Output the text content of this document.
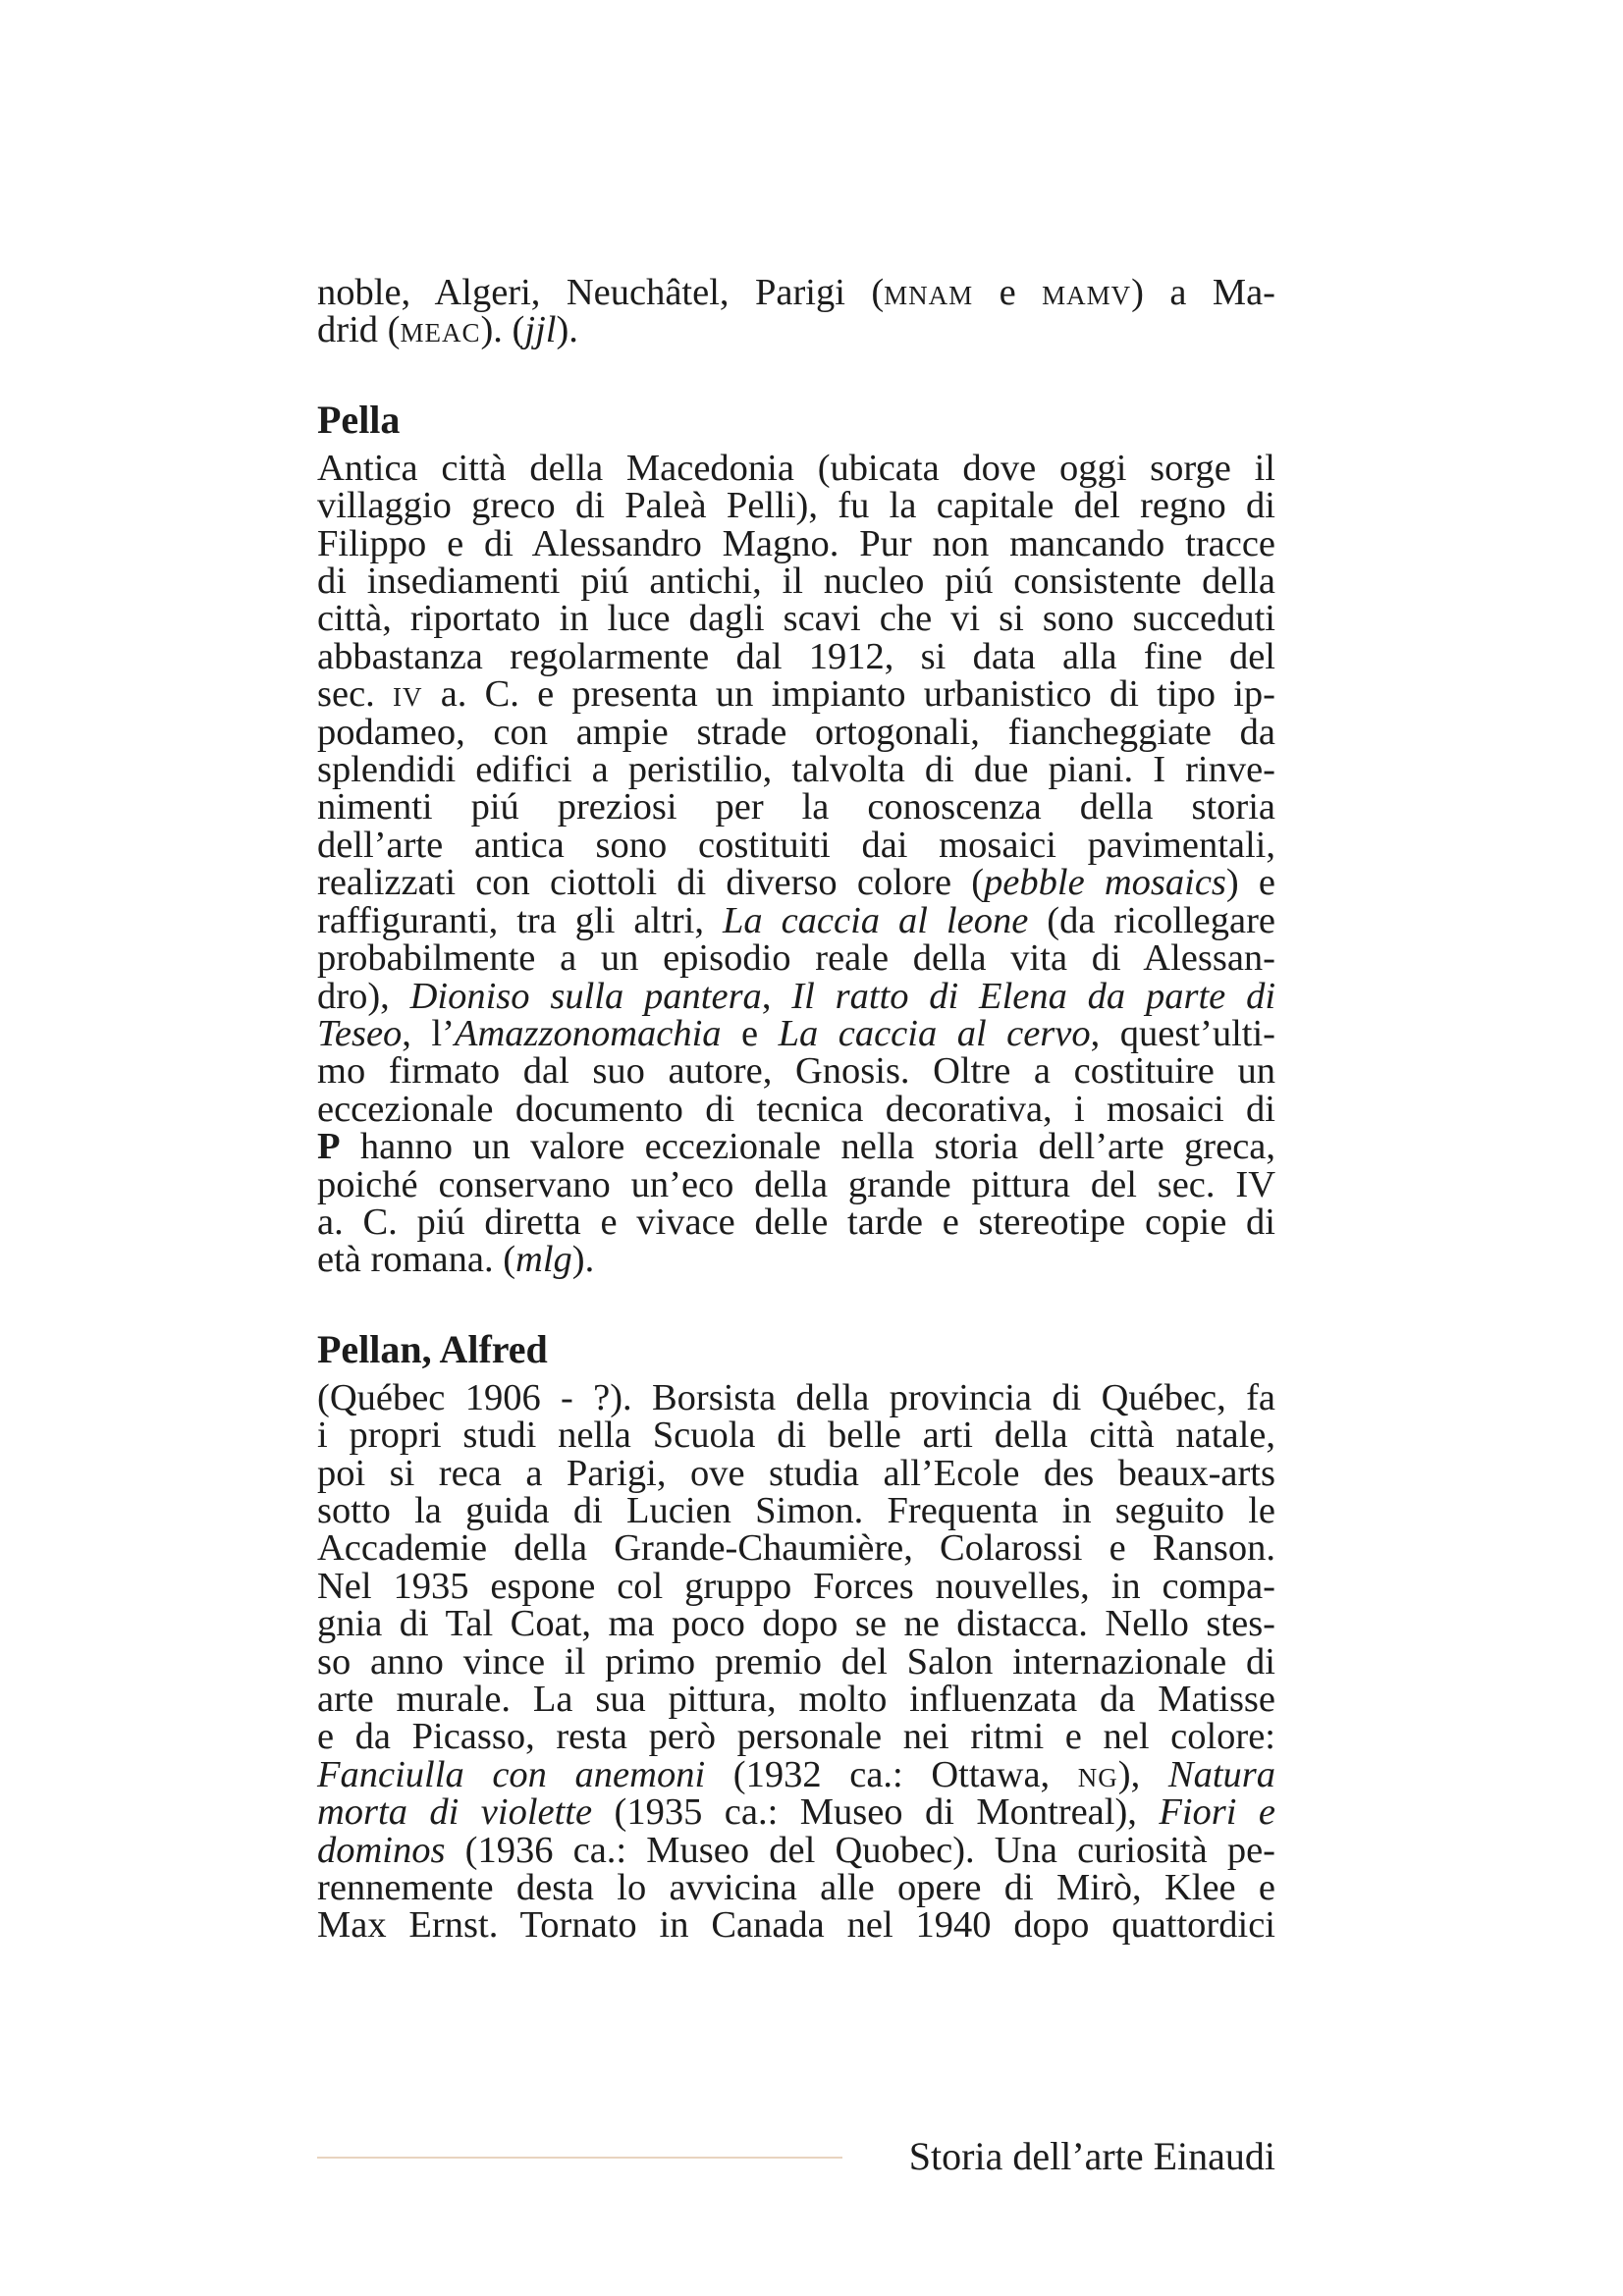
noble, Algeri, Neuchâtel, Parigi (mnam e mamv) a Ma-
drid (meac). (jjl).
Pella
Antica città della Macedonia (ubicata dove oggi sorge il
villaggio greco di Paleà Pelli), fu la capitale del regno di
Filippo e di Alessandro Magno. Pur non mancando tracce
di insediamenti piú antichi, il nucleo piú consistente della
città, riportato in luce dagli scavi che vi si sono succeduti
abbastanza regolarmente dal 1912, si data alla fine del
sec. iv a. C. e presenta un impianto urbanistico di tipo ip-
podameo, con ampie strade ortogonali, fiancheggiate da
splendidi edifici a peristilio, talvolta di due piani. I rinve-
nimenti piú preziosi per la conoscenza della storia
dell’arte antica sono costituiti dai mosaici pavimentali,
realizzati con ciottoli di diverso colore (pebble mosaics) e
raffiguranti, tra gli altri, La caccia al leone (da ricollegare
probabilmente a un episodio reale della vita di Alessan-
dro), Dioniso sulla pantera, Il ratto di Elena da parte di
Teseo, l’Amazzonomachia e La caccia al cervo, quest’ulti-
mo firmato dal suo autore, Gnosis. Oltre a costituire un
eccezionale documento di tecnica decorativa, i mosaici di
P hanno un valore eccezionale nella storia dell’arte greca,
poiché conservano un’eco della grande pittura del sec. IV
a. C. piú diretta e vivace delle tarde e stereotipe copie di
età romana. (mlg).
Pellan, Alfred
(Québec 1906 - ?). Borsista della provincia di Québec, fa
i propri studi nella Scuola di belle arti della città natale,
poi si reca a Parigi, ove studia all’Ecole des beaux-arts
sotto la guida di Lucien Simon. Frequenta in seguito le
Accademie della Grande-Chaumière, Colarossi e Ranson.
Nel 1935 espone col gruppo Forces nouvelles, in compa-
gnia di Tal Coat, ma poco dopo se ne distacca. Nello stes-
so anno vince il primo premio del Salon internazionale di
arte murale. La sua pittura, molto influenzata da Matisse
e da Picasso, resta però personale nei ritmi e nel colore:
Fanciulla con anemoni (1932 ca.: Ottawa, ng), Natura
morta di violette (1935 ca.: Museo di Montreal), Fiori e
dominos (1936 ca.: Museo del Quobec). Una curiosità pe-
rennemente desta lo avvicina alle opere di Mirò, Klee e
Max Ernst. Tornato in Canada nel 1940 dopo quattordici
Storia dell’arte Einaudi
